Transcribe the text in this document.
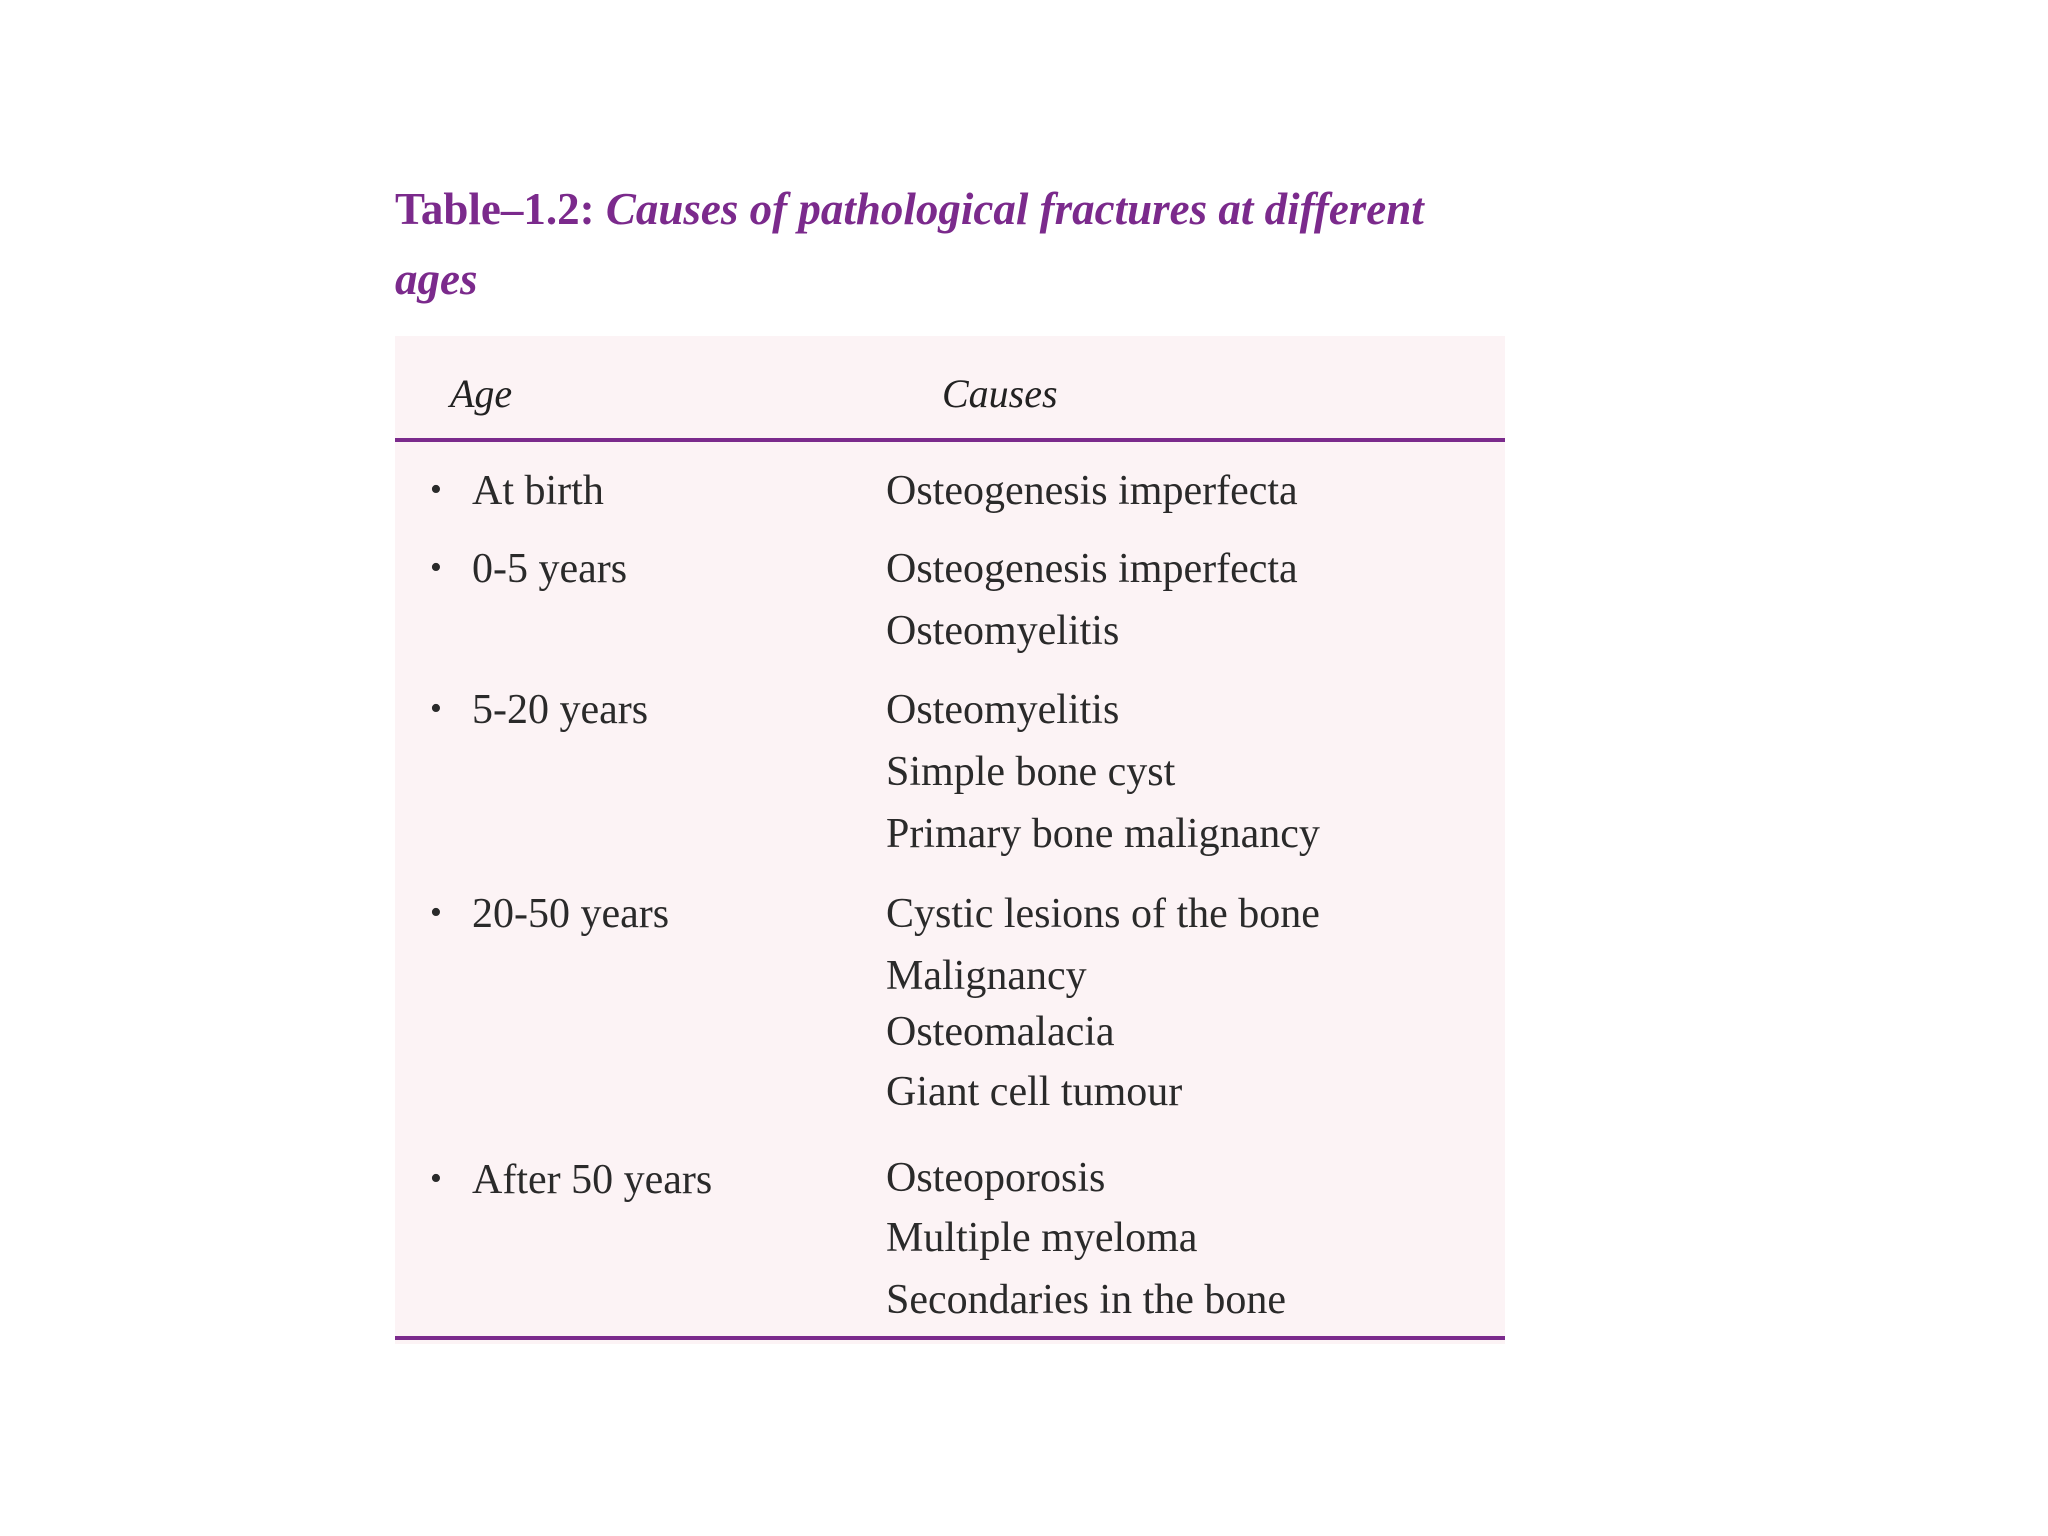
Table–1.2: Causes of pathological fractures at different ages
Age	Causes
• At birth	Osteogenesis imperfecta
• 0-5 years	Osteogenesis imperfecta
Osteomyelitis
• 5-20 years	Osteomyelitis
Simple bone cyst
Primary bone malignancy
• 20-50 years	Cystic lesions of the bone
Malignancy
Osteomalacia
Giant cell tumour
• After 50 years	Osteoporosis
Multiple myeloma
Secondaries in the bone
